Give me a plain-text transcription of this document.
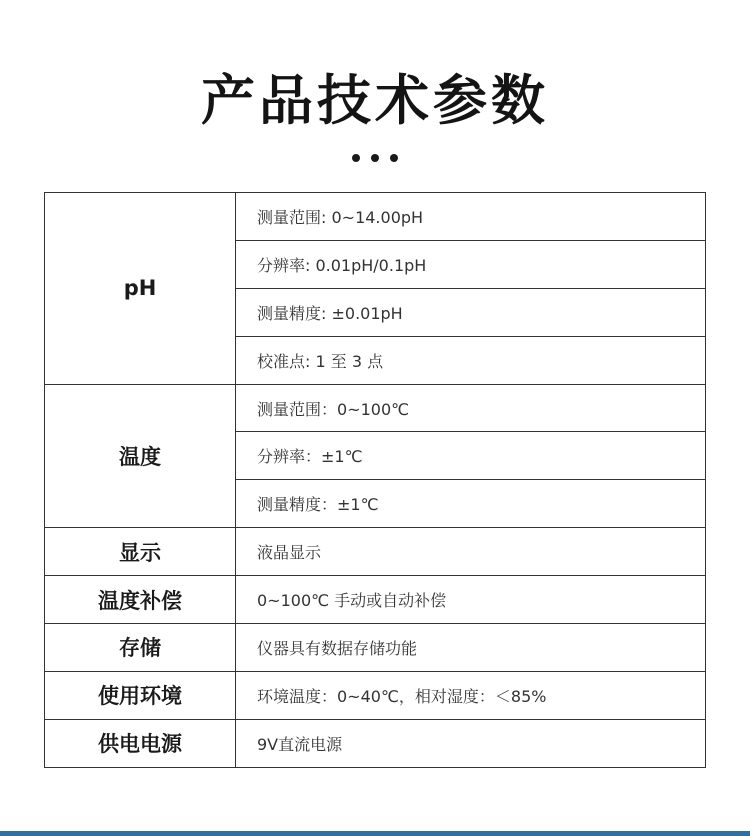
产品技术参数
pH	测量范围: 0~14.00pH
	分辨率: 0.01pH/0.1pH
	测量精度: ±0.01pH
	校准点: 1 至 3 点
温度	测量范围：0~100℃
	分辨率：±1℃
	测量精度：±1℃
显示	液晶显示
温度补偿	0~100℃ 手动或自动补偿
存储	仪器具有数据存储功能
使用环境	环境温度：0~40℃，相对湿度：＜85%
供电电源	9V直流电源
